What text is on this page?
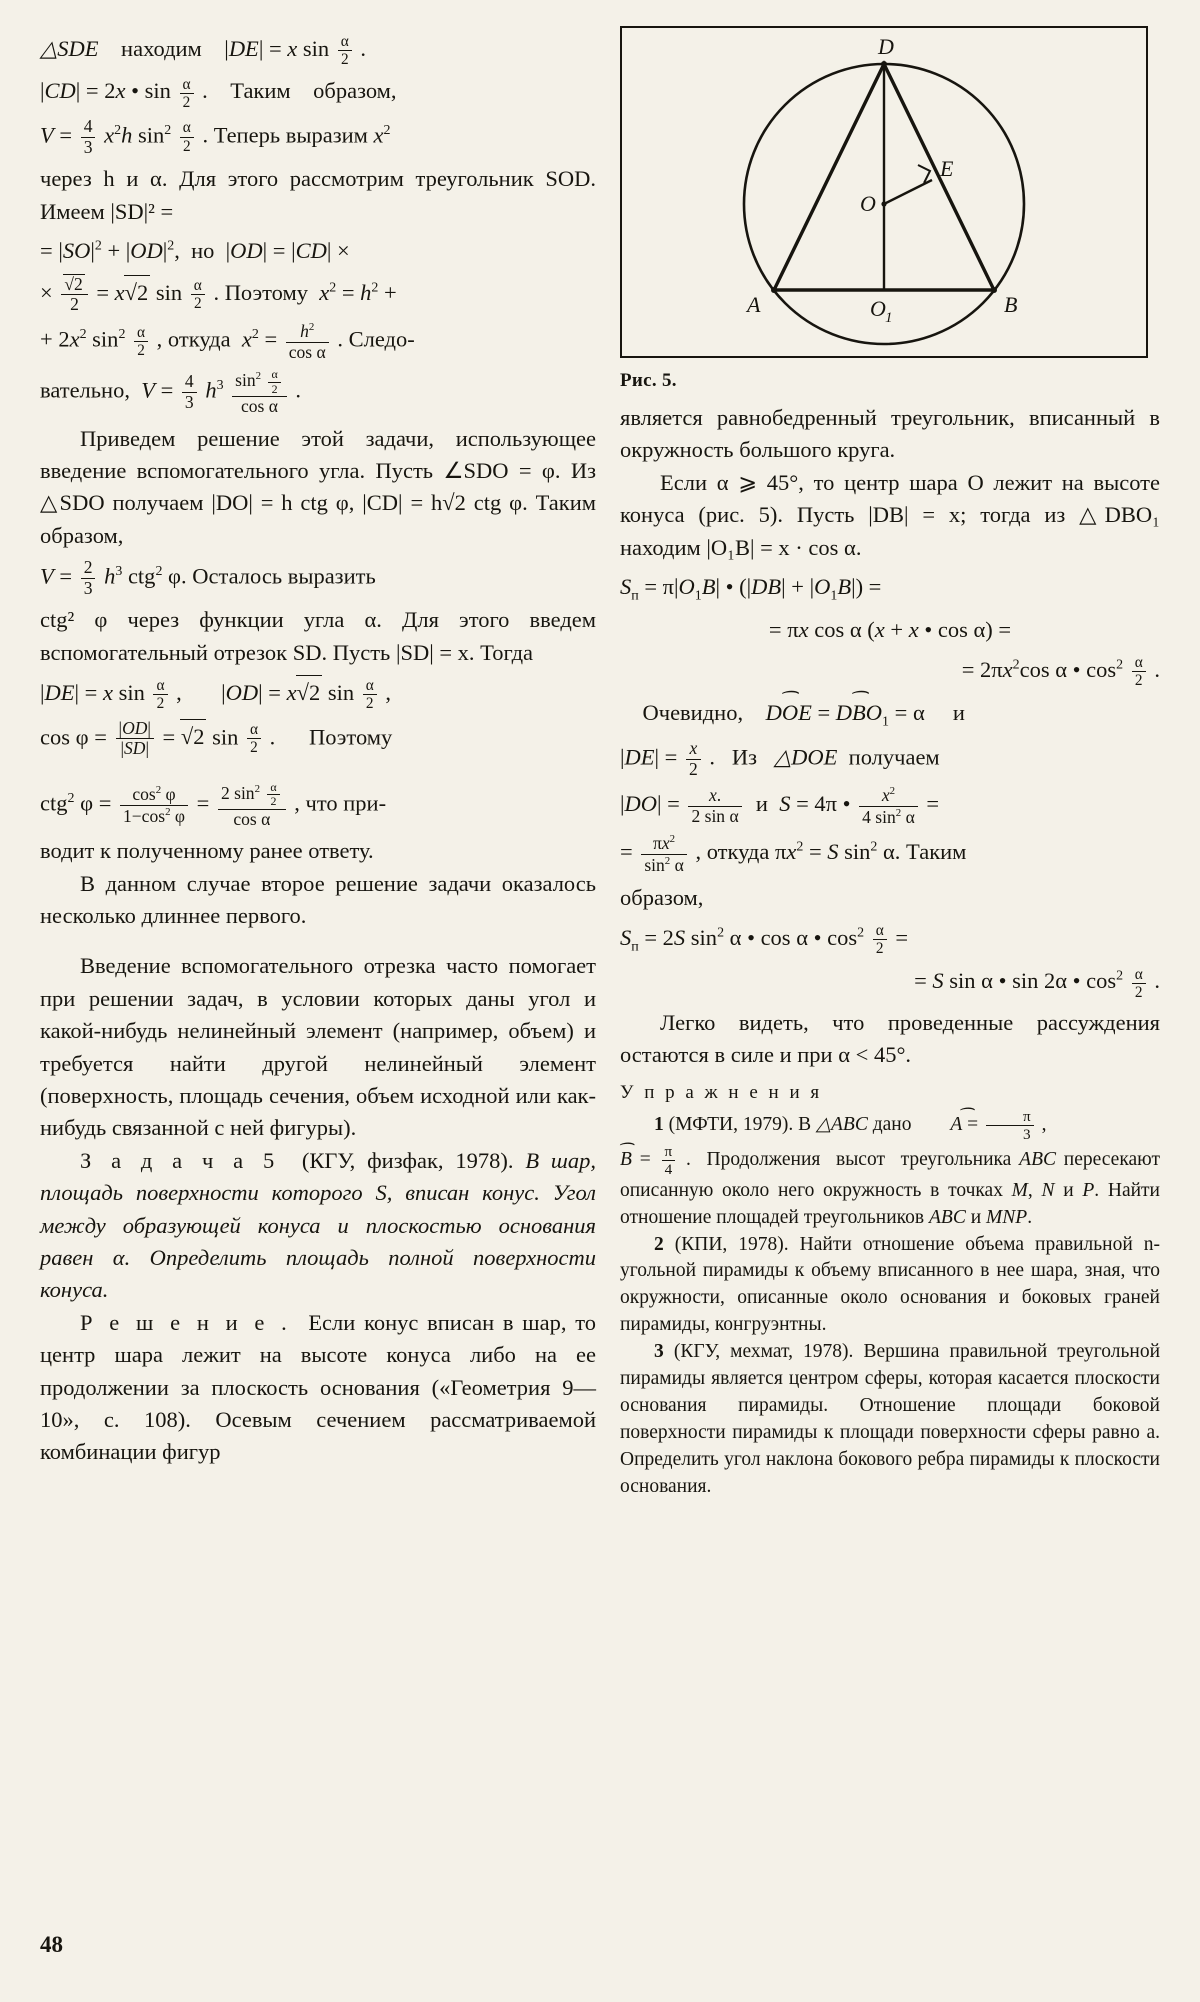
△SDE    находим    |DE| = x $\sin \frac{\alpha}{2}$ .
|CD| = 2x • $\sin \frac{\alpha}{2}$ .    Таким    образом,
$V = \frac{4}{3} x^2h$ $\sin^2 \frac{\alpha}{2}$ . Теперь выразим $x^2$

через h и α. Для этого рассмотрим треугольник SOD. Имеем |SD|² =

= $|SO|^2 + |OD|^2$,  но  |OD| = |CD| ×
× $\frac{√2}{2} = x√2$ $\sin \frac{\alpha}{2}$ . Поэтому  $x^2 = h^2$ +
+ $2x^2$ $\sin^2 \frac{\alpha}{2}$ , откуда  $x^2 = \frac{h^2}{\text{cos α}}$ . Следо-
вательно,  $V = \frac{4}{3} h^3 \frac{\sin^2 \frac{\alpha}{2}}{\text{cos α}}$ .

Приведем решение этой задачи, использующее введение вспомогательного угла. Пусть ∠SDO = φ. Из △SDO получаем |DO| = h ctg φ, |CD| = h√2 ctg φ. Таким образом,

$V = \frac{2}{3} h^3$ ctg$^2$ φ. Осталось выразить

ctg² φ через функции угла α. Для этого введем вспомогательный отрезок SD. Пусть |SD| = x. Тогда

|DE| = x $\sin \frac{\alpha}{2}$ ,       |OD| = x√2 $\sin \frac{\alpha}{2}$ ,
$\cos \varphi = \frac{|OD|}{|SD|} = √2$ $\sin \frac{\alpha}{2}$ .      Поэтому
ctg$^2$ $\varphi = \frac{\cos^2 \varphi}{1-\cos^2 \varphi} = \frac{2 \sin^2 \frac{\alpha}{2}}{\text{cos α}}$ , что при-

водит к полученному ранее ответу.

В данном случае второе решение задачи оказалось несколько длиннее первого.

Введение вспомогательного отрезка часто помогает при решении задач, в условии которых даны угол и какой-нибудь нелинейный элемент (например, объем) и требуется найти другой нелинейный элемент (поверхность, площадь сечения, объем исходной или как-нибудь связанной с ней фигуры).

З а д а ч а 5 (КГУ, физфак, 1978). В шар, площадь поверхности которого S, вписан конус. Угол между образующей конуса и плоскостью основания равен α. Определить площадь полной поверхности конуса.

Р е ш е н и е . Если конус вписан в шар, то центр шара лежит на высоте конуса либо на ее продолжении за плоскость основания («Геометрия 9—10», с. 108). Осевым сечением рассматриваемой комбинации фигур

D
E
O
A	O 1
B
Рис. 5.

является равнобедренный треугольник, вписанный в окружность большого круга.

Если α ⩾ 45°, то центр шара O лежит на высоте конуса (рис. 5). Пусть |DB| = x; тогда из △DBO₁ находим |O₁B| = x · cos α.

$S_п = \pi|O_1B|$ • $(|DB| + |O_1B|)$ =
= πx cos α (x + x • cos α) =
= $2\pi x^2\cos$ α • $\cos^2 \frac{\alpha}{2}$ .
Очевидно,    ⌢ DOE = ⌢ $DBO_1 = \alpha$     и
$|DE| = \frac{x}{2}$ .   Из   △DOE  получаем
$|DO| = \frac{x.}{\text{2 sin α}}$ и  S = 4π • $\frac{x^2}{4 \sin^2 \alpha}$ =
= $\frac{\pi x^2}{\sin^2 \alpha}$ , откуда $\pi x^2 = S$ $\sin^2 \alpha$. Таким
образом,
$S_п = 2S$ $\sin^2 \alpha$ • cos α • $\cos^2 \frac{\alpha}{2}$ =
= S sin α • sin 2α • $\cos^2 \frac{\alpha}{2}$ .

Легко видеть, что проведенные рассуждения остаются в силе и при α < 45°.

У п р а ж н е н и я

1 (МФТИ, 1979). В △ABC дано ⌢ $A = \frac{\pi}{3}$ ,

⌢ $B = \frac{\pi}{4}$ .  Продолжения  высот  треугольника ABC пересекают описанную около него окружность в точках M, N и P. Найти отношение площадей треугольников ABC и MNP.

2 (КПИ, 1978). Найти отношение объема правильной n-угольной пирамиды к объему вписанного в нее шара, зная, что окружности, описанные около основания и боковых граней пирамиды, конгруэнтны.

3 (КГУ, мехмат, 1978). Вершина правильной треугольной пирамиды является центром сферы, которая касается плоскости основания пирамиды. Отношение площади боковой поверхности пирамиды к площади поверхности сферы равно a. Определить угол наклона бокового ребра пирамиды к плоскости основания.

48
